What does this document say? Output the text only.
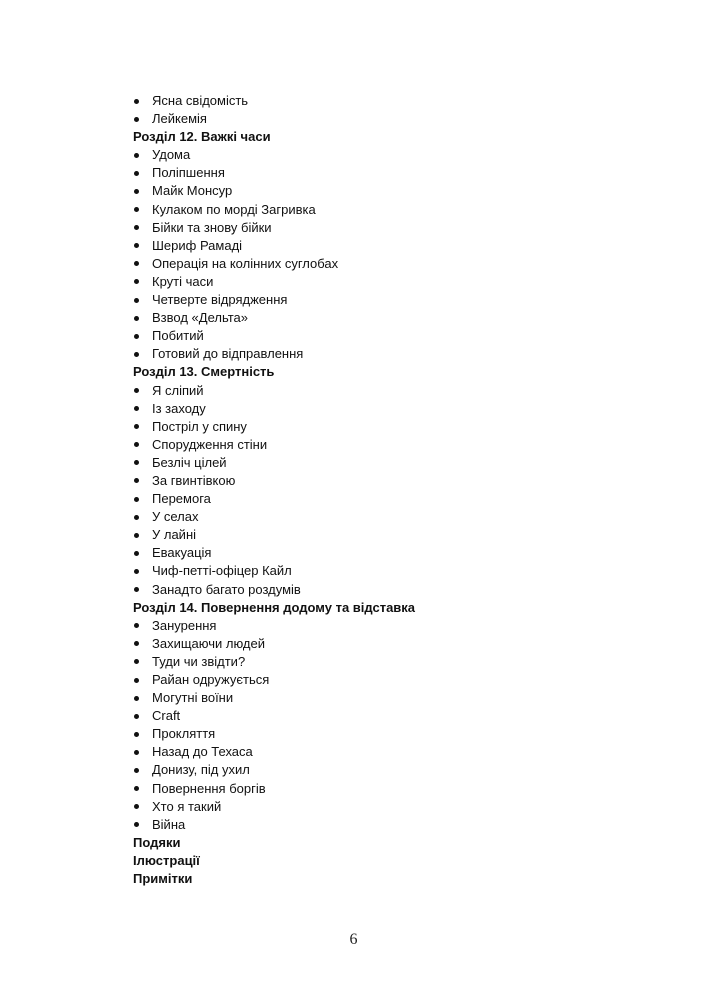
Ясна свідомість
Лейкемія
Розділ 12. Важкі часи
Удома
Поліпшення
Майк Монсур
Кулаком по морді Загривка
Бійки та знову бійки
Шериф Рамаді
Операція на колінних суглобах
Круті часи
Четверте відрядження
Взвод «Дельта»
Побитий
Готовий до відправлення
Розділ 13. Смертність
Я сліпий
Із заходу
Постріл у спину
Спорудження стіни
Безліч цілей
За гвинтівкою
Перемога
У селах
У лайні
Евакуація
Чиф-петті-офіцер Кайл
Занадто багато роздумів
Розділ 14. Повернення додому та відставка
Занурення
Захищаючи людей
Туди чи звідти?
Райан одружується
Могутні воїни
Craft
Прокляття
Назад до Техаса
Донизу, під ухил
Повернення боргів
Хто я такий
Війна
Подяки
Ілюстрації
Примітки
6
